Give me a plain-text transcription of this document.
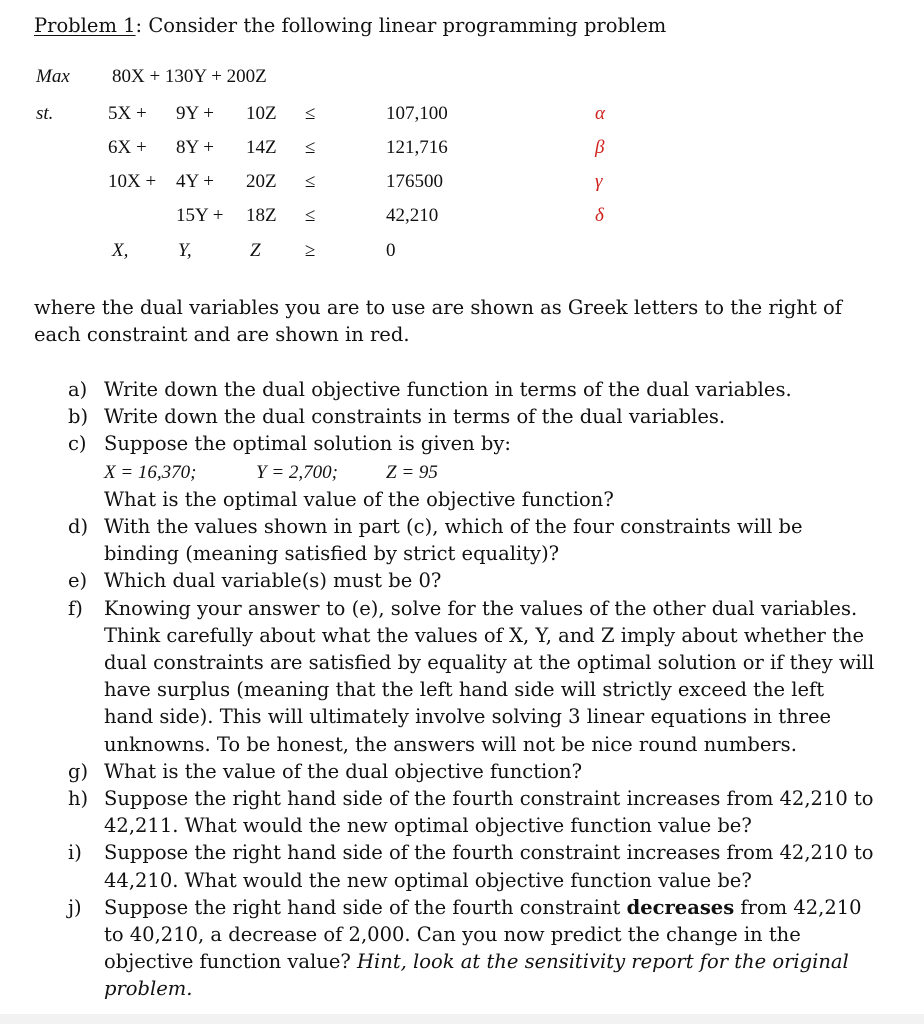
Problem 1: Consider the following linear programming problem
Max 80X + 130Y + 200Z
st.	5X + 9Y + 10Z ≤	107,100	α
6X + 8Y + 14Z ≤	121,716	β
10X + 4Y + 20Z ≤	176500	γ
15Y + 18Z ≤	42,210	δ
X,	Y,	Z ≥	0
where the dual variables you are to use are shown as Greek letters to the right of each constraint and are shown in red.
a) Write down the dual objective function in terms of the dual variables.
b) Write down the dual constraints in terms of the dual variables.
c) Suppose the optimal solution is given by:
X = 16,370;	Y = 2,700;	Z = 95
What is the optimal value of the objective function?
d) With the values shown in part (c), which of the four constraints will be binding (meaning satisfied by strict equality)?
e) Which dual variable(s) must be 0?
f) Knowing your answer to (e), solve for the values of the other dual variables. Think carefully about what the values of X, Y, and Z imply about whether the dual constraints are satisfied by equality at the optimal solution or if they will have surplus (meaning that the left hand side will strictly exceed the left hand side). This will ultimately involve solving 3 linear equations in three unknowns. To be honest, the answers will not be nice round numbers.
g) What is the value of the dual objective function?
h) Suppose the right hand side of the fourth constraint increases from 42,210 to 42,211. What would the new optimal objective function value be?
i) Suppose the right hand side of the fourth constraint increases from 42,210 to 44,210. What would the new optimal objective function value be?
j) Suppose the right hand side of the fourth constraint decreases from 42,210 to 40,210, a decrease of 2,000. Can you now predict the change in the objective function value? Hint, look at the sensitivity report for the original problem.
